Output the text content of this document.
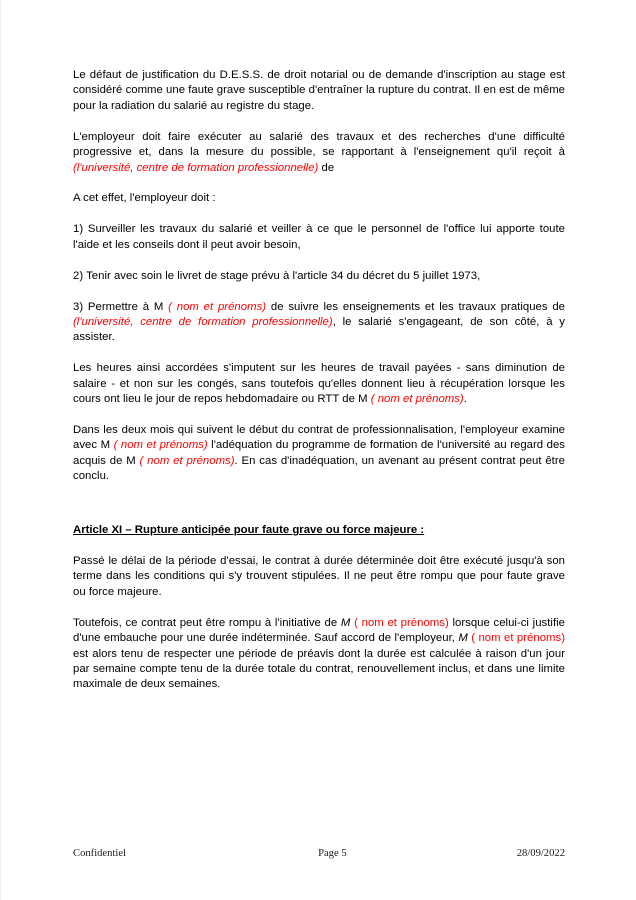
Le défaut de justification du D.E.S.S. de droit notarial ou de demande d'inscription au stage est considéré comme une faute grave susceptible d'entraîner la rupture du contrat. Il en est de même pour la radiation du salarié au registre du stage.

L'employeur doit faire exécuter au salarié des travaux et des recherches d'une difficulté progressive et, dans la mesure du possible, se rapportant à l'enseignement qu'il reçoit à (l'université, centre de formation professionnelle) de

A cet effet, l'employeur doit :

1) Surveiller les travaux du salarié et veiller à ce que le personnel de l'office lui apporte toute l'aide et les conseils dont il peut avoir besoin,

2) Tenir avec soin le livret de stage prévu à l'article 34 du décret du 5 juillet 1973,

3) Permettre à M ( nom et prénoms) de suivre les enseignements et les travaux pratiques de (l'université, centre de formation professionnelle), le salarié s'engageant, de son côté, à y assister.

Les heures ainsi accordées s'imputent sur les heures de travail payées - sans diminution de salaire - et non sur les congés, sans toutefois qu'elles donnent lieu à récupération lorsque les cours ont lieu le jour de repos hebdomadaire ou RTT de M ( nom et prénoms).

Dans les deux mois qui suivent le début du contrat de professionnalisation, l'employeur examine avec M ( nom et prénoms) l'adéquation du programme de formation de l'université au regard des acquis de M ( nom et prénoms). En cas d'inadéquation, un avenant au présent contrat peut être conclu.

Article XI – Rupture anticipée pour faute grave ou force majeure :

Passé le délai de la période d'essai, le contrat à durée déterminée doit être exécuté jusqu'à son terme dans les conditions qui s'y trouvent stipulées. Il ne peut être rompu que pour faute grave ou force majeure.

Toutefois, ce contrat peut être rompu à l'initiative de M ( nom et prénoms) lorsque celui-ci justifie d'une embauche pour une durée indéterminée. Sauf accord de l'employeur, M ( nom et prénoms) est alors tenu de respecter une période de préavis dont la durée est calculée à raison d'un jour par semaine compte tenu de la durée totale du contrat, renouvellement inclus, et dans une limite maximale de deux semaines.

Confidentiel	Page 5	28/09/2022
